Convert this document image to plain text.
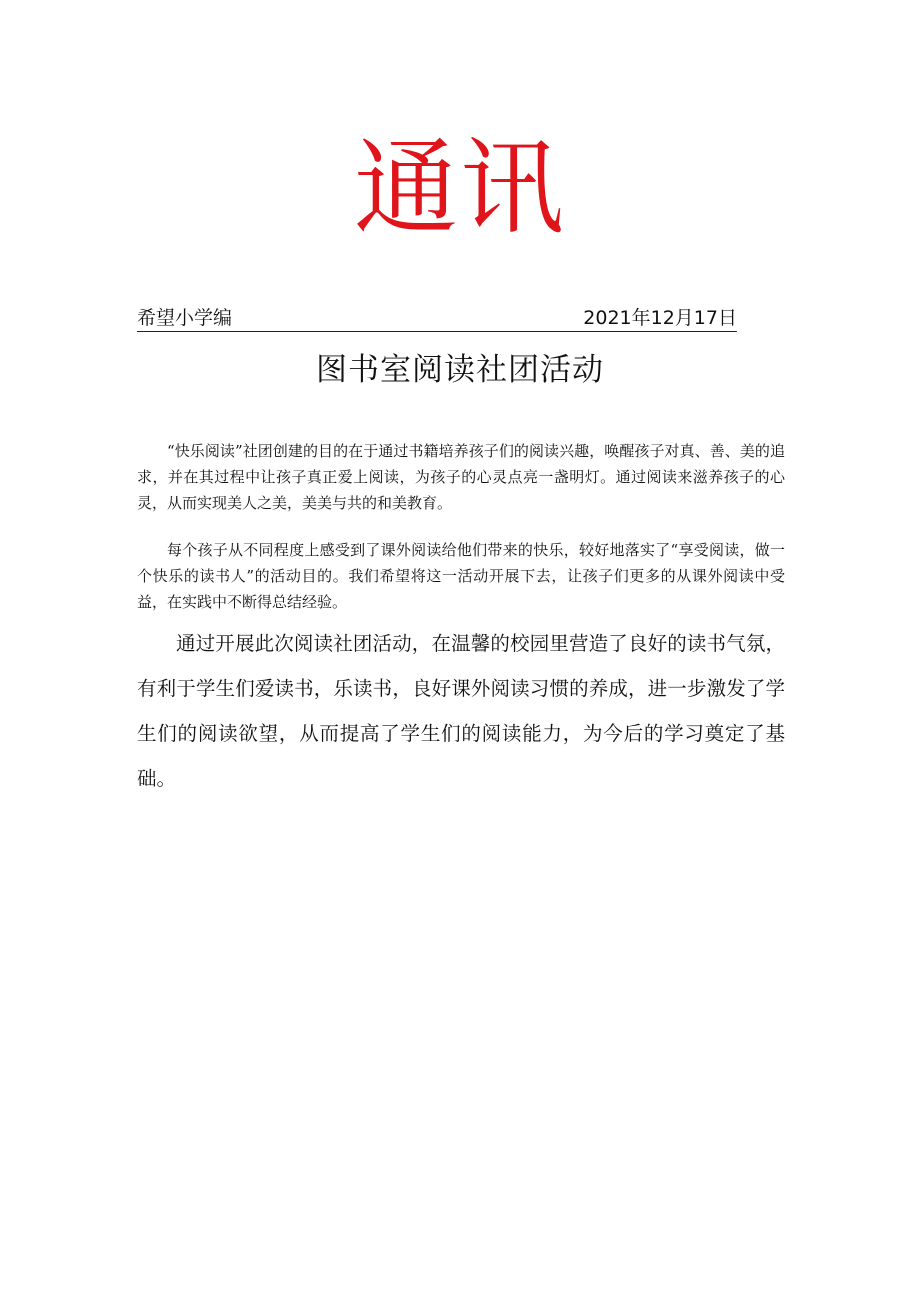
通讯
希望小学编	2021年12月17日
图书室阅读社团活动

“快乐阅读”社团创建的目的在于通过书籍培养孩子们的阅读兴趣，唤醒孩子对真、善、美的追求，并在其过程中让孩子真正爱上阅读，为孩子的心灵点亮一盏明灯。通过阅读来滋养孩子的心灵，从而实现美人之美，美美与共的和美教育。

每个孩子从不同程度上感受到了课外阅读给他们带来的快乐，较好地落实了“享受阅读，做一个快乐的读书人”的活动目的。我们希望将这一活动开展下去，让孩子们更多的从课外阅读中受益，在实践中不断得总结经验。

通过开展此次阅读社团活动，在温馨的校园里营造了良好的读书气氛，有利于学生们爱读书，乐读书，良好课外阅读习惯的养成，进一步激发了学生们的阅读欲望，从而提高了学生们的阅读能力，为今后的学习奠定了基础。
